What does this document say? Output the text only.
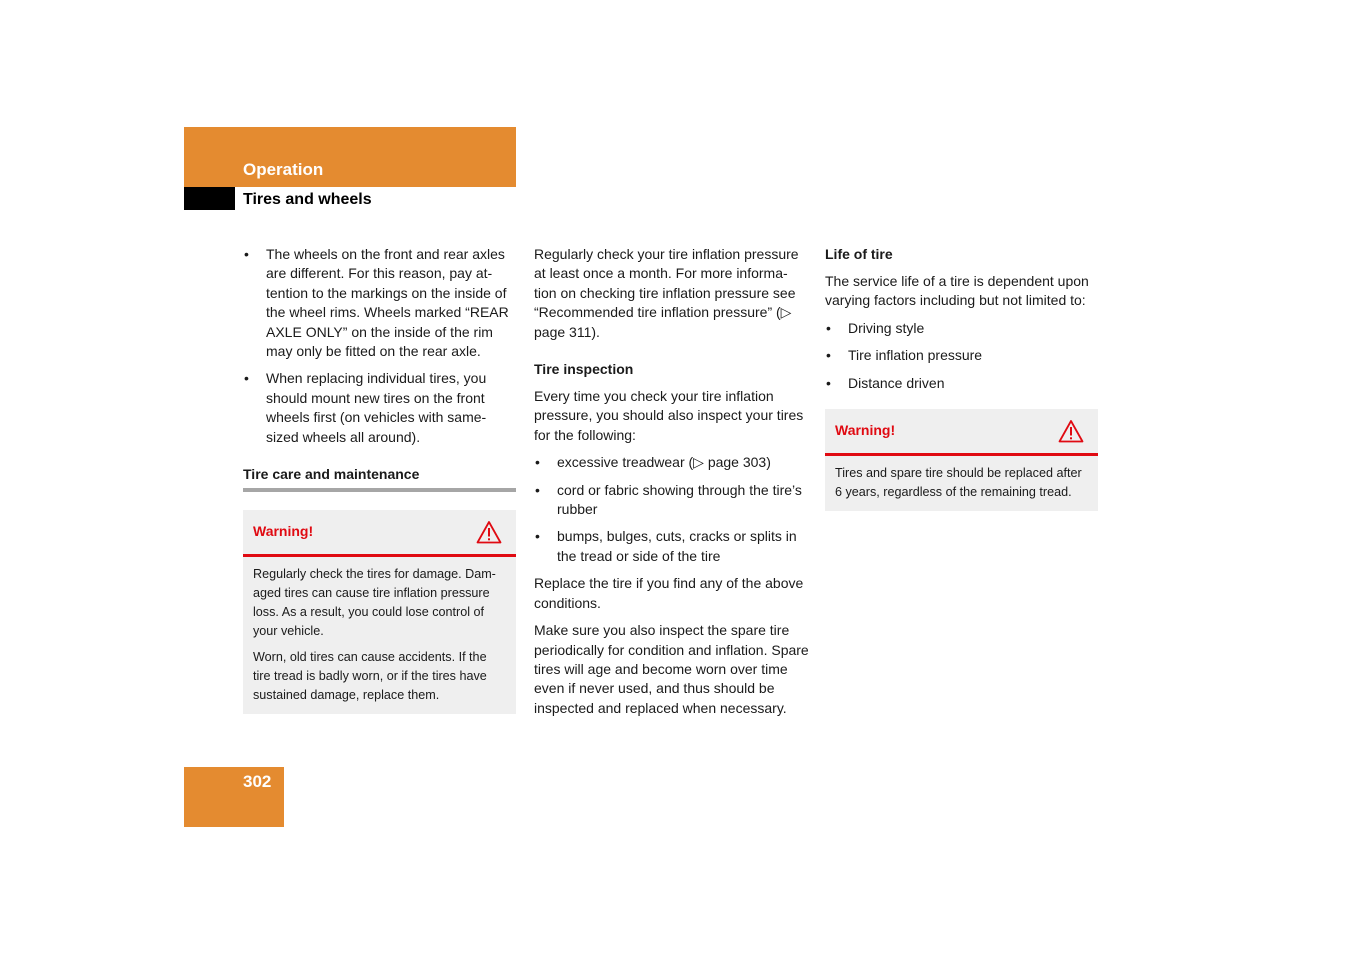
Operation
Tires and wheels
• The wheels on the front and rear axles are different. For this reason, pay at-tention to the markings on the inside of the wheel rims. Wheels marked “REAR AXLE ONLY” on the inside of the rim may only be fitted on the rear axle.
• When replacing individual tires, you should mount new tires on the front wheels first (on vehicles with same-sized wheels all around).
Tire care and maintenance
Warning!

Regularly check the tires for damage. Dam-aged tires can cause tire inflation pressure loss. As a result, you could lose control of your vehicle.

Worn, old tires can cause accidents. If the tire tread is badly worn, or if the tires have sustained damage, replace them.

Regularly check your tire inflation pressure at least once a month. For more informa-tion on checking tire inflation pressure see “Recommended tire inflation pressure” (▷ page 311).

Tire inspection

Every time you check your tire inflation pressure, you should also inspect your tires for the following:

• excessive treadwear (▷ page 303)
• cord or fabric showing through the tire’s rubber
• bumps, bulges, cuts, cracks or splits in the tread or side of the tire

Replace the tire if you find any of the above conditions.

Make sure you also inspect the spare tire periodically for condition and inflation. Spare tires will age and become worn over time even if never used, and thus should be inspected and replaced when necessary.

Life of tire

The service life of a tire is dependent upon varying factors including but not limited to:

• Driving style
• Tire inflation pressure
• Distance driven
Warning!

Tires and spare tire should be replaced after 6 years, regardless of the remaining tread.

302
